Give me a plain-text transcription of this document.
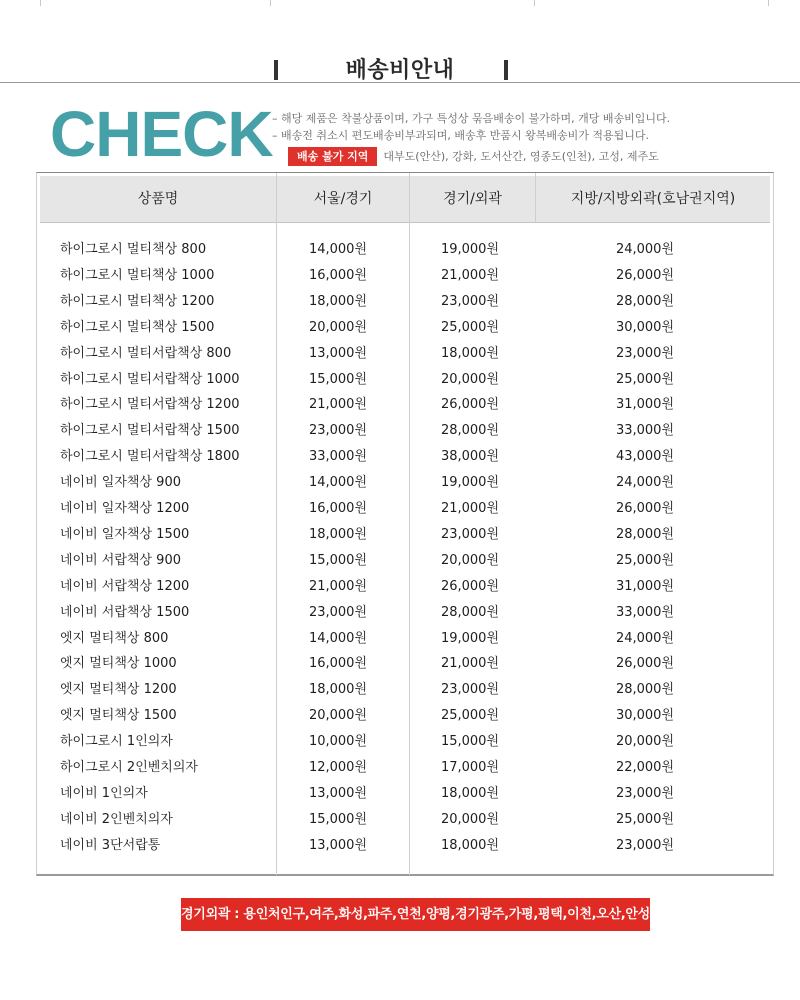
배송비안내
CHECK – 해당 제품은 착불상품이며, 가구 특성상 묶음배송이 불가하며, 개당 배송비입니다.
– 배송전 취소시 편도배송비부과되며, 배송후 반품시 왕복배송비가 적용됩니다.
배송 불가 지역 대부도(안산), 강화, 도서산간, 영종도(인천), 고성, 제주도
상품명	서울/경기	경기/외곽	지방/지방외곽(호남권지역)
하이그로시 멀티책상 800	14,000원	19,000원	24,000원
하이그로시 멀티책상 1000	16,000원	21,000원	26,000원
하이그로시 멀티책상 1200	18,000원	23,000원	28,000원
하이그로시 멀티책상 1500	20,000원	25,000원	30,000원
하이그로시 멀티서랍책상 800	13,000원	18,000원	23,000원
하이그로시 멀티서랍책상 1000	15,000원	20,000원	25,000원
하이그로시 멀티서랍책상 1200	21,000원	26,000원	31,000원
하이그로시 멀티서랍책상 1500	23,000원	28,000원	33,000원
하이그로시 멀티서랍책상 1800	33,000원	38,000원	43,000원
네이비 일자책상 900	14,000원	19,000원	24,000원
네이비 일자책상 1200	16,000원	21,000원	26,000원
네이비 일자책상 1500	18,000원	23,000원	28,000원
네이비 서랍책상 900	15,000원	20,000원	25,000원
네이비 서랍책상 1200	21,000원	26,000원	31,000원
네이비 서랍책상 1500	23,000원	28,000원	33,000원
엣지 멀티책상 800	14,000원	19,000원	24,000원
엣지 멀티책상 1000	16,000원	21,000원	26,000원
엣지 멀티책상 1200	18,000원	23,000원	28,000원
엣지 멀티책상 1500	20,000원	25,000원	30,000원
하이그로시 1인의자	10,000원	15,000원	20,000원
하이그로시 2인벤치의자	12,000원	17,000원	22,000원
네이비 1인의자	13,000원	18,000원	23,000원
네이비 2인벤치의자	15,000원	20,000원	25,000원
네이비 3단서랍통	13,000원	18,000원	23,000원
경기외곽 : 용인처인구,여주,화성,파주,연천,양평,경기광주,가평,평택,이천,오산,안성
